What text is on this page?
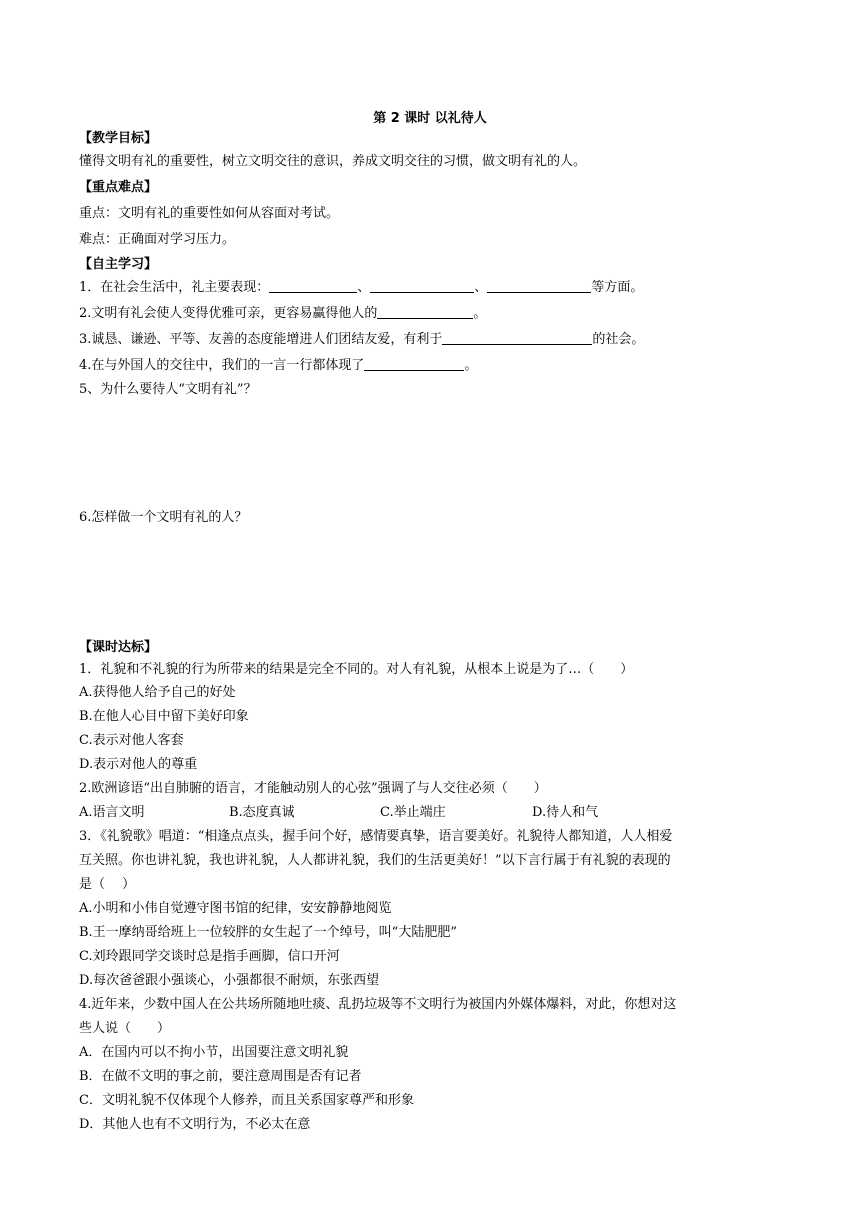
第 2 课时 以礼待人
【教学目标】
懂得文明有礼的重要性，树立文明交往的意识，养成文明交往的习惯，做文明有礼的人。
【重点难点】
重点：文明有礼的重要性如何从容面对考试。
难点：正确面对学习压力。
【自主学习】
1．在社会生活中，礼主要表现：	、	、	等方面。
2.文明有礼会使人变得优雅可亲，更容易赢得他人的	。
3.诚恳、谦逊、平等、友善的态度能增进人们团结友爱，有利于	的社会。
4.在与外国人的交往中，我们的一言一行都体现了	。
5、为什么要待人“文明有礼”？
6.怎样做一个文明有礼的人？
【课时达标】
1．礼貌和不礼貌的行为所带来的结果是完全不同的。对人有礼貌，从根本上说是为了…（　　）
A.获得他人给予自己的好处
B.在他人心目中留下美好印象
C.表示对他人客套
D.表示对他人的尊重
2.欧洲谚语“出自肺腑的语言，才能触动别人的心弦”强调了与人交往必须（　　）
A.语言文明	B.态度真诚	C.举止端庄	D.待人和气
3．《礼貌歌》唱道：“相逢点点头，握手问个好，感情要真挚，语言要美好。礼貌待人都知道，人人相爱
互关照。你也讲礼貌，我也讲礼貌，人人都讲礼貌，我们的生活更美好！”以下言行属于有礼貌的表现的
是（　 ）
A.小明和小伟自觉遵守图书馆的纪律，安安静静地阅览
B.王一摩纳哥给班上一位较胖的女生起了一个绰号，叫“大陆肥肥”
C.刘玲跟同学交谈时总是指手画脚，信口开河
D.每次爸爸跟小强谈心，小强都很不耐烦，东张西望
4.近年来，少数中国人在公共场所随地吐痰、乱扔垃圾等不文明行为被国内外媒体爆料，对此，你想对这
些人说（　　）
A．在国内可以不拘小节，出国要注意文明礼貌
B．在做不文明的事之前，要注意周围是否有记者
C．文明礼貌不仅体现个人修养，而且关系国家尊严和形象
D．其他人也有不文明行为，不必太在意
